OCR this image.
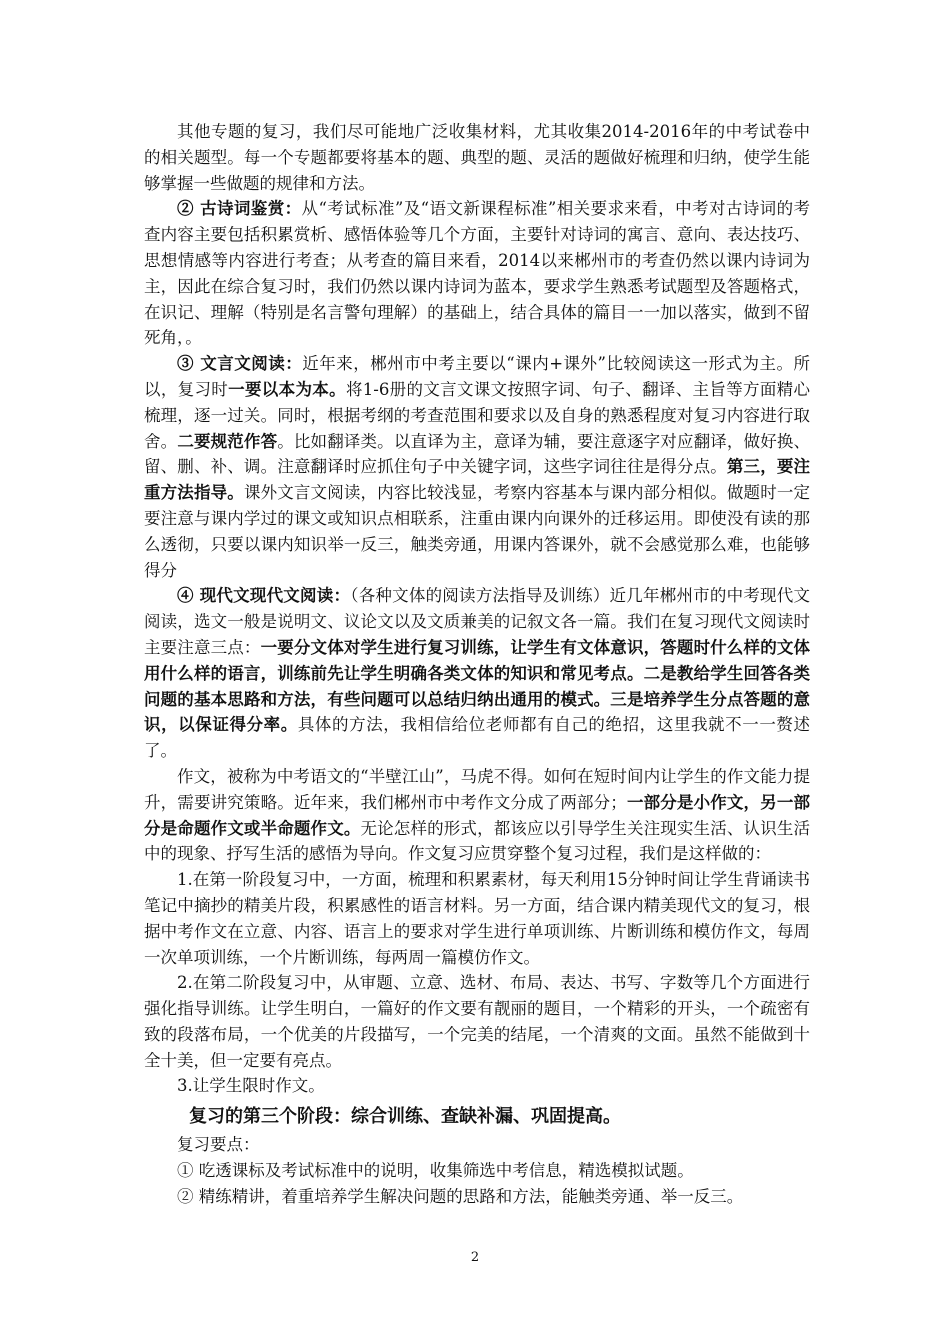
其他专题的复习，我们尽可能地广泛收集材料，尤其收集2014-2016年的中考试卷中的相关题型。每一个专题都要将基本的题、典型的题、灵活的题做好梳理和归纳，使学生能够掌握一些做题的规律和方法。

② 古诗词鉴赏：从“考试标准”及“语文新课程标准”相关要求来看，中考对古诗词的考查内容主要包括积累赏析、感悟体验等几个方面，主要针对诗词的寓言、意向、表达技巧、思想情感等内容进行考查；从考查的篇目来看，2014以来郴州市的考查仍然以课内诗词为主，因此在综合复习时，我们仍然以课内诗词为蓝本，要求学生熟悉考试题型及答题格式，在识记、理解（特别是名言警句理解）的基础上，结合具体的篇目一一加以落实，做到不留死角，。

③ 文言文阅读：近年来，郴州市中考主要以“课内+课外”比较阅读这一形式为主。所以，复习时一要以本为本。将1-6册的文言文课文按照字词、句子、翻译、主旨等方面精心梳理，逐一过关。同时，根据考纲的考查范围和要求以及自身的熟悉程度对复习内容进行取舍。二要规范作答。比如翻译类。以直译为主，意译为辅，要注意逐字对应翻译，做好换、留、删、补、调。注意翻译时应抓住句子中关键字词，这些字词往往是得分点。第三，要注重方法指导。课外文言文阅读，内容比较浅显，考察内容基本与课内部分相似。做题时一定要注意与课内学过的课文或知识点相联系，注重由课内向课外的迁移运用。即使没有读的那么透彻，只要以课内知识举一反三，触类旁通，用课内答课外，就不会感觉那么难，也能够得分

④ 现代文现代文阅读：（各种文体的阅读方法指导及训练）近几年郴州市的中考现代文阅读，选文一般是说明文、议论文以及文质兼美的记叙文各一篇。我们在复习现代文阅读时主要注意三点：一要分文体对学生进行复习训练，让学生有文体意识，答题时什么样的文体用什么样的语言，训练前先让学生明确各类文体的知识和常见考点。二是教给学生回答各类问题的基本思路和方法，有些问题可以总结归纳出通用的模式。三是培养学生分点答题的意识，以保证得分率。具体的方法，我相信给位老师都有自己的绝招，这里我就不一一赘述了。

作文，被称为中考语文的“半壁江山”，马虎不得。如何在短时间内让学生的作文能力提升，需要讲究策略。近年来，我们郴州市中考作文分成了两部分；一部分是小作文，另一部分是命题作文或半命题作文。无论怎样的形式，都该应以引导学生关注现实生活、认识生活中的现象、抒写生活的感悟为导向。作文复习应贯穿整个复习过程，我们是这样做的：

1.在第一阶段复习中，一方面，梳理和积累素材，每天利用15分钟时间让学生背诵读书笔记中摘抄的精美片段，积累感性的语言材料。另一方面，结合课内精美现代文的复习，根据中考作文在立意、内容、语言上的要求对学生进行单项训练、片断训练和模仿作文，每周一次单项训练，一个片断训练，每两周一篇模仿作文。

2.在第二阶段复习中，从审题、立意、选材、布局、表达、书写、字数等几个方面进行强化指导训练。让学生明白，一篇好的作文要有靓丽的题目，一个精彩的开头，一个疏密有致的段落布局，一个优美的片段描写，一个完美的结尾，一个清爽的文面。虽然不能做到十全十美，但一定要有亮点。

3.让学生限时作文。

复习的第三个阶段：综合训练、查缺补漏、巩固提高。

复习要点：

① 吃透课标及考试标准中的说明，收集筛选中考信息，精选模拟试题。

② 精练精讲，着重培养学生解决问题的思路和方法，能触类旁通、举一反三。

2
